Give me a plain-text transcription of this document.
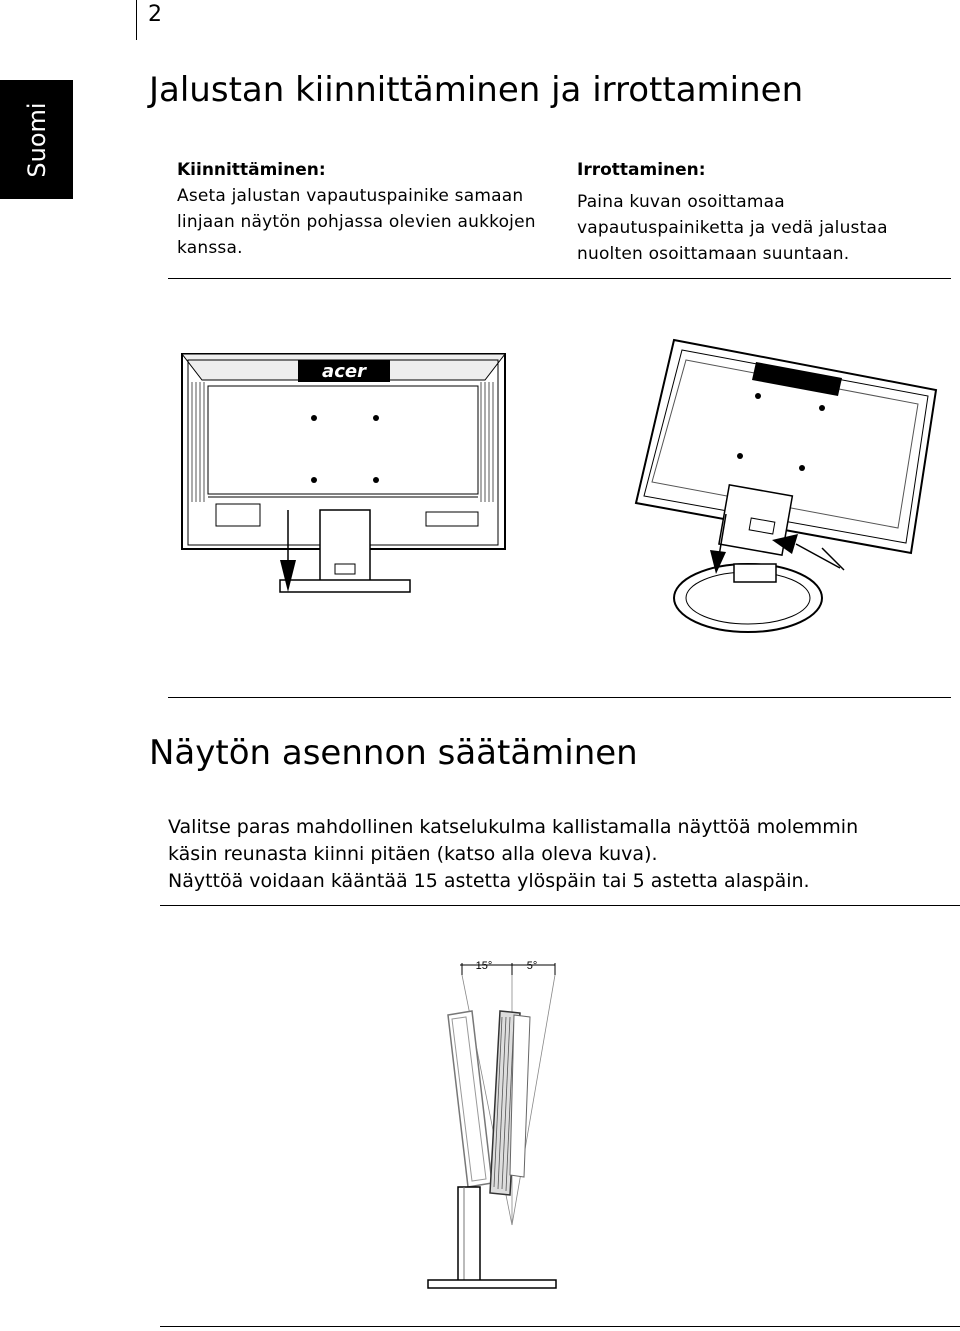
2
Suomi
Jalustan kiinnittäminen ja irrottaminen
Kiinnittäminen:

Aseta jalustan vapautuspainike samaan linjaan näytön pohjassa olevien aukkojen kanssa.

Irrottaminen:

Paina kuvan osoittamaa vapautuspainiketta ja vedä jalustaa nuolten osoittamaan suuntaan.

acer
Näytön asennon säätäminen

Valitse paras mahdollinen katselukulma kallistamalla näyttöä molemmin
käsin reunasta kiinni pitäen (katso alla oleva kuva).
Näyttöä voidaan kääntää 15 astetta ylöspäin tai 5 astetta alaspäin.

15°	5°
